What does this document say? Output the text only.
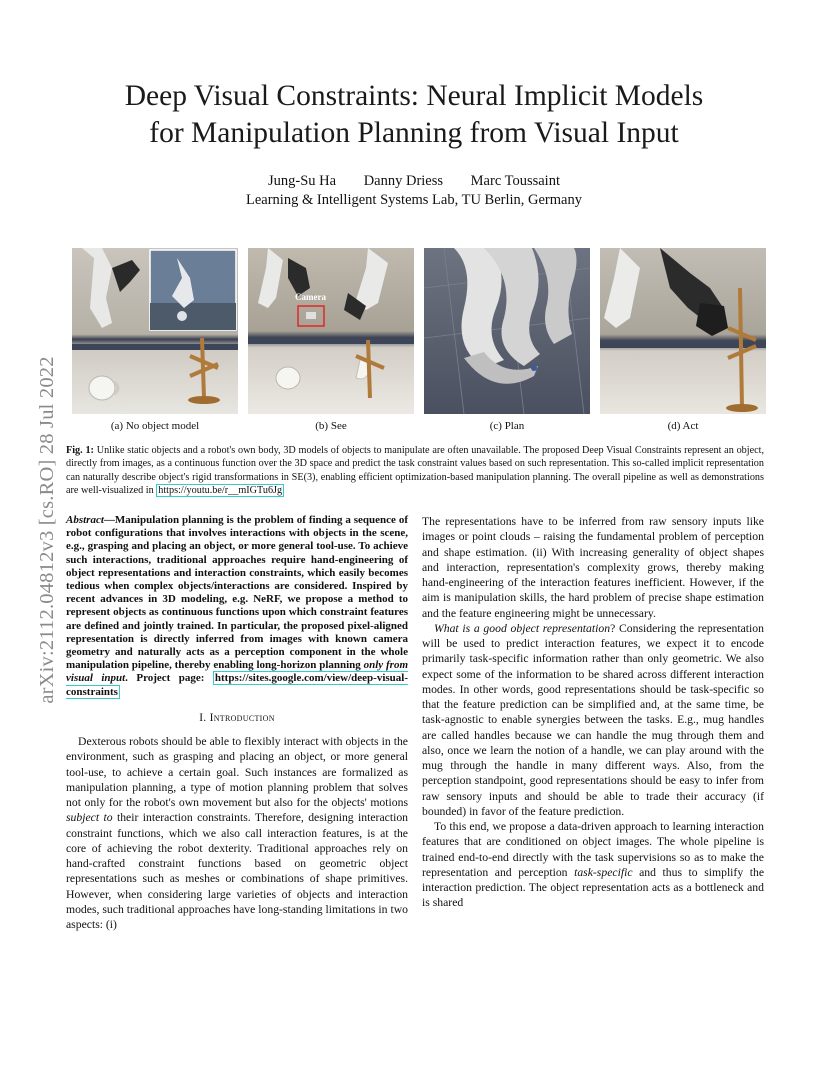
arXiv:2112.04812v3 [cs.RO] 28 Jul 2022
Deep Visual Constraints: Neural Implicit Models
for Manipulation Planning from Visual Input
Jung-Su Ha Danny Driess Marc Toussaint
Learning & Intelligent Systems Lab, TU Berlin, Germany
Camera
(a) No object model	(b) See	(c) Plan	(d) Act
Fig. 1: Unlike static objects and a robot's own body, 3D models of objects to manipulate are often unavailable. The proposed Deep Visual Constraints represent an object, directly from images, as a continuous function over the 3D space and predict the task constraint values based on such representation. This so-called implicit representation can naturally describe object's rigid transformations in SE(3), enabling efficient optimization-based manipulation planning. The overall pipeline as well as demonstrations are well-visualized in https://youtu.be/r__mIGTu6Jg
Abstract—Manipulation planning is the problem of finding a sequence of robot configurations that involves interactions with objects in the scene, e.g., grasping and placing an object, or more general tool-use. To achieve such interactions, traditional approaches require hand-engineering of object representations and interaction constraints, which easily becomes tedious when complex objects/interactions are considered. Inspired by recent advances in 3D modeling, e.g. NeRF, we propose a method to represent objects as continuous functions upon which constraint features are defined and jointly trained. In particular, the proposed pixel-aligned representation is directly inferred from images with known camera geometry and naturally acts as a perception component in the whole manipulation pipeline, thereby enabling long-horizon planning only from visual input. Project page: https://sites.google.com/view/deep-visual-constraints
I. Introduction

Dexterous robots should be able to flexibly interact with objects in the environment, such as grasping and placing an object, or more general tool-use, to achieve a certain goal. Such instances are formalized as manipulation planning, a type of motion planning problem that solves not only for the robot's own movement but also for the objects' motions subject to their interaction constraints. Therefore, designing interaction constraint functions, which we also call interaction features, is at the core of achieving the robot dexterity. Traditional approaches rely on hand-crafted constraint functions based on geometric object representations such as meshes or combinations of shape primitives. However, when considering large varieties of objects and interaction modes, such traditional approaches have long-standing limitations in two aspects: (i)

The representations have to be inferred from raw sensory inputs like images or point clouds – raising the fundamental problem of perception and shape estimation. (ii) With increasing generality of object shapes and interaction, representation's complexity grows, thereby making hand-engineering of the interaction features inefficient. However, if the aim is manipulation skills, the hard problem of precise shape estimation and the feature engineering might be unnecessary.

What is a good object representation? Considering the representation will be used to predict interaction features, we expect it to encode primarily task-specific information rather than only geometric. We also expect some of the information to be shared across different interaction modes. In other words, good representations should be task-specific so that the feature prediction can be simplified and, at the same time, be task-agnostic to enable synergies between the tasks. E.g., mug handles are called handles because we can handle the mug through them and also, once we learn the notion of a handle, we can play around with the mug through the handle in many different ways. Also, from the perception standpoint, good representations should be easy to infer from raw sensory inputs and should be able to trade their accuracy (if bounded) in favor of the feature prediction.

To this end, we propose a data-driven approach to learning interaction features that are conditioned on object images. The whole pipeline is trained end-to-end directly with the task supervisions so as to make the representation and perception task-specific and thus to simplify the interaction prediction. The object representation acts as a bottleneck and is shared
